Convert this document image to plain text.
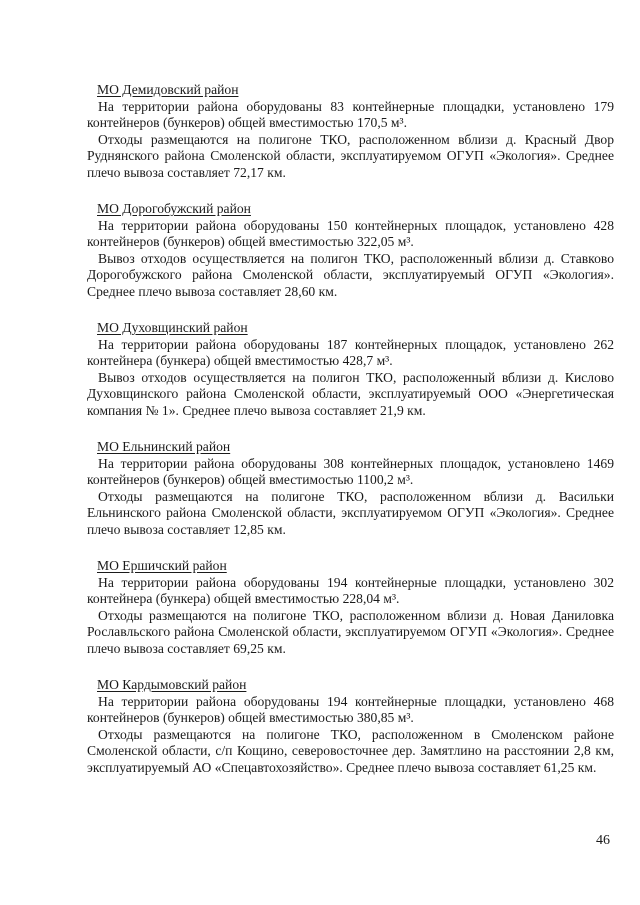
МО Демидовский район

На территории района оборудованы 83 контейнерные площадки, установлено 179 контейнеров (бункеров) общей вместимостью 170,5 м³.

Отходы размещаются на полигоне ТКО, расположенном вблизи д. Красный Двор Руднянского района Смоленской области, эксплуатируемом ОГУП «Экология». Среднее плечо вывоза составляет 72,17 км.

МО Дорогобужский район

На территории района оборудованы 150 контейнерных площадок, установлено 428 контейнеров (бункеров) общей вместимостью 322,05 м³.

Вывоз отходов осуществляется на полигон ТКО, расположенный вблизи д. Ставково Дорогобужского района Смоленской области, эксплуатируемый ОГУП «Экология». Среднее плечо вывоза составляет 28,60 км.

МО Духовщинский район

На территории района оборудованы 187 контейнерных площадок, установлено 262 контейнера (бункера) общей вместимостью 428,7 м³.

Вывоз отходов осуществляется на полигон ТКО, расположенный вблизи д. Кислово Духовщинского района Смоленской области, эксплуатируемый ООО «Энергетическая компания № 1». Среднее плечо вывоза составляет 21,9 км.

МО Ельнинский район

На территории района оборудованы 308 контейнерных площадок, установлено 1469 контейнеров (бункеров) общей вместимостью 1100,2 м³.

Отходы размещаются на полигоне ТКО, расположенном вблизи д. Васильки Ельнинского района Смоленской области, эксплуатируемом ОГУП «Экология». Среднее плечо вывоза составляет 12,85 км.

МО Ершичский район

На территории района оборудованы 194 контейнерные площадки, установлено 302 контейнера (бункера) общей вместимостью 228,04 м³.

Отходы размещаются на полигоне ТКО, расположенном вблизи д. Новая Даниловка Рославльского района Смоленской области, эксплуатируемом ОГУП «Экология». Среднее плечо вывоза составляет 69,25 км.

МО Кардымовский район

На территории района оборудованы 194 контейнерные площадки, установлено 468 контейнеров (бункеров) общей вместимостью 380,85 м³.

Отходы размещаются на полигоне ТКО, расположенном в Смоленском районе Смоленской области, с/п Кощино, северовосточнее дер. Замятлино на расстоянии 2,8 км, эксплуатируемый АО «Спецавтохозяйство». Среднее плечо вывоза составляет 61,25 км.

46
